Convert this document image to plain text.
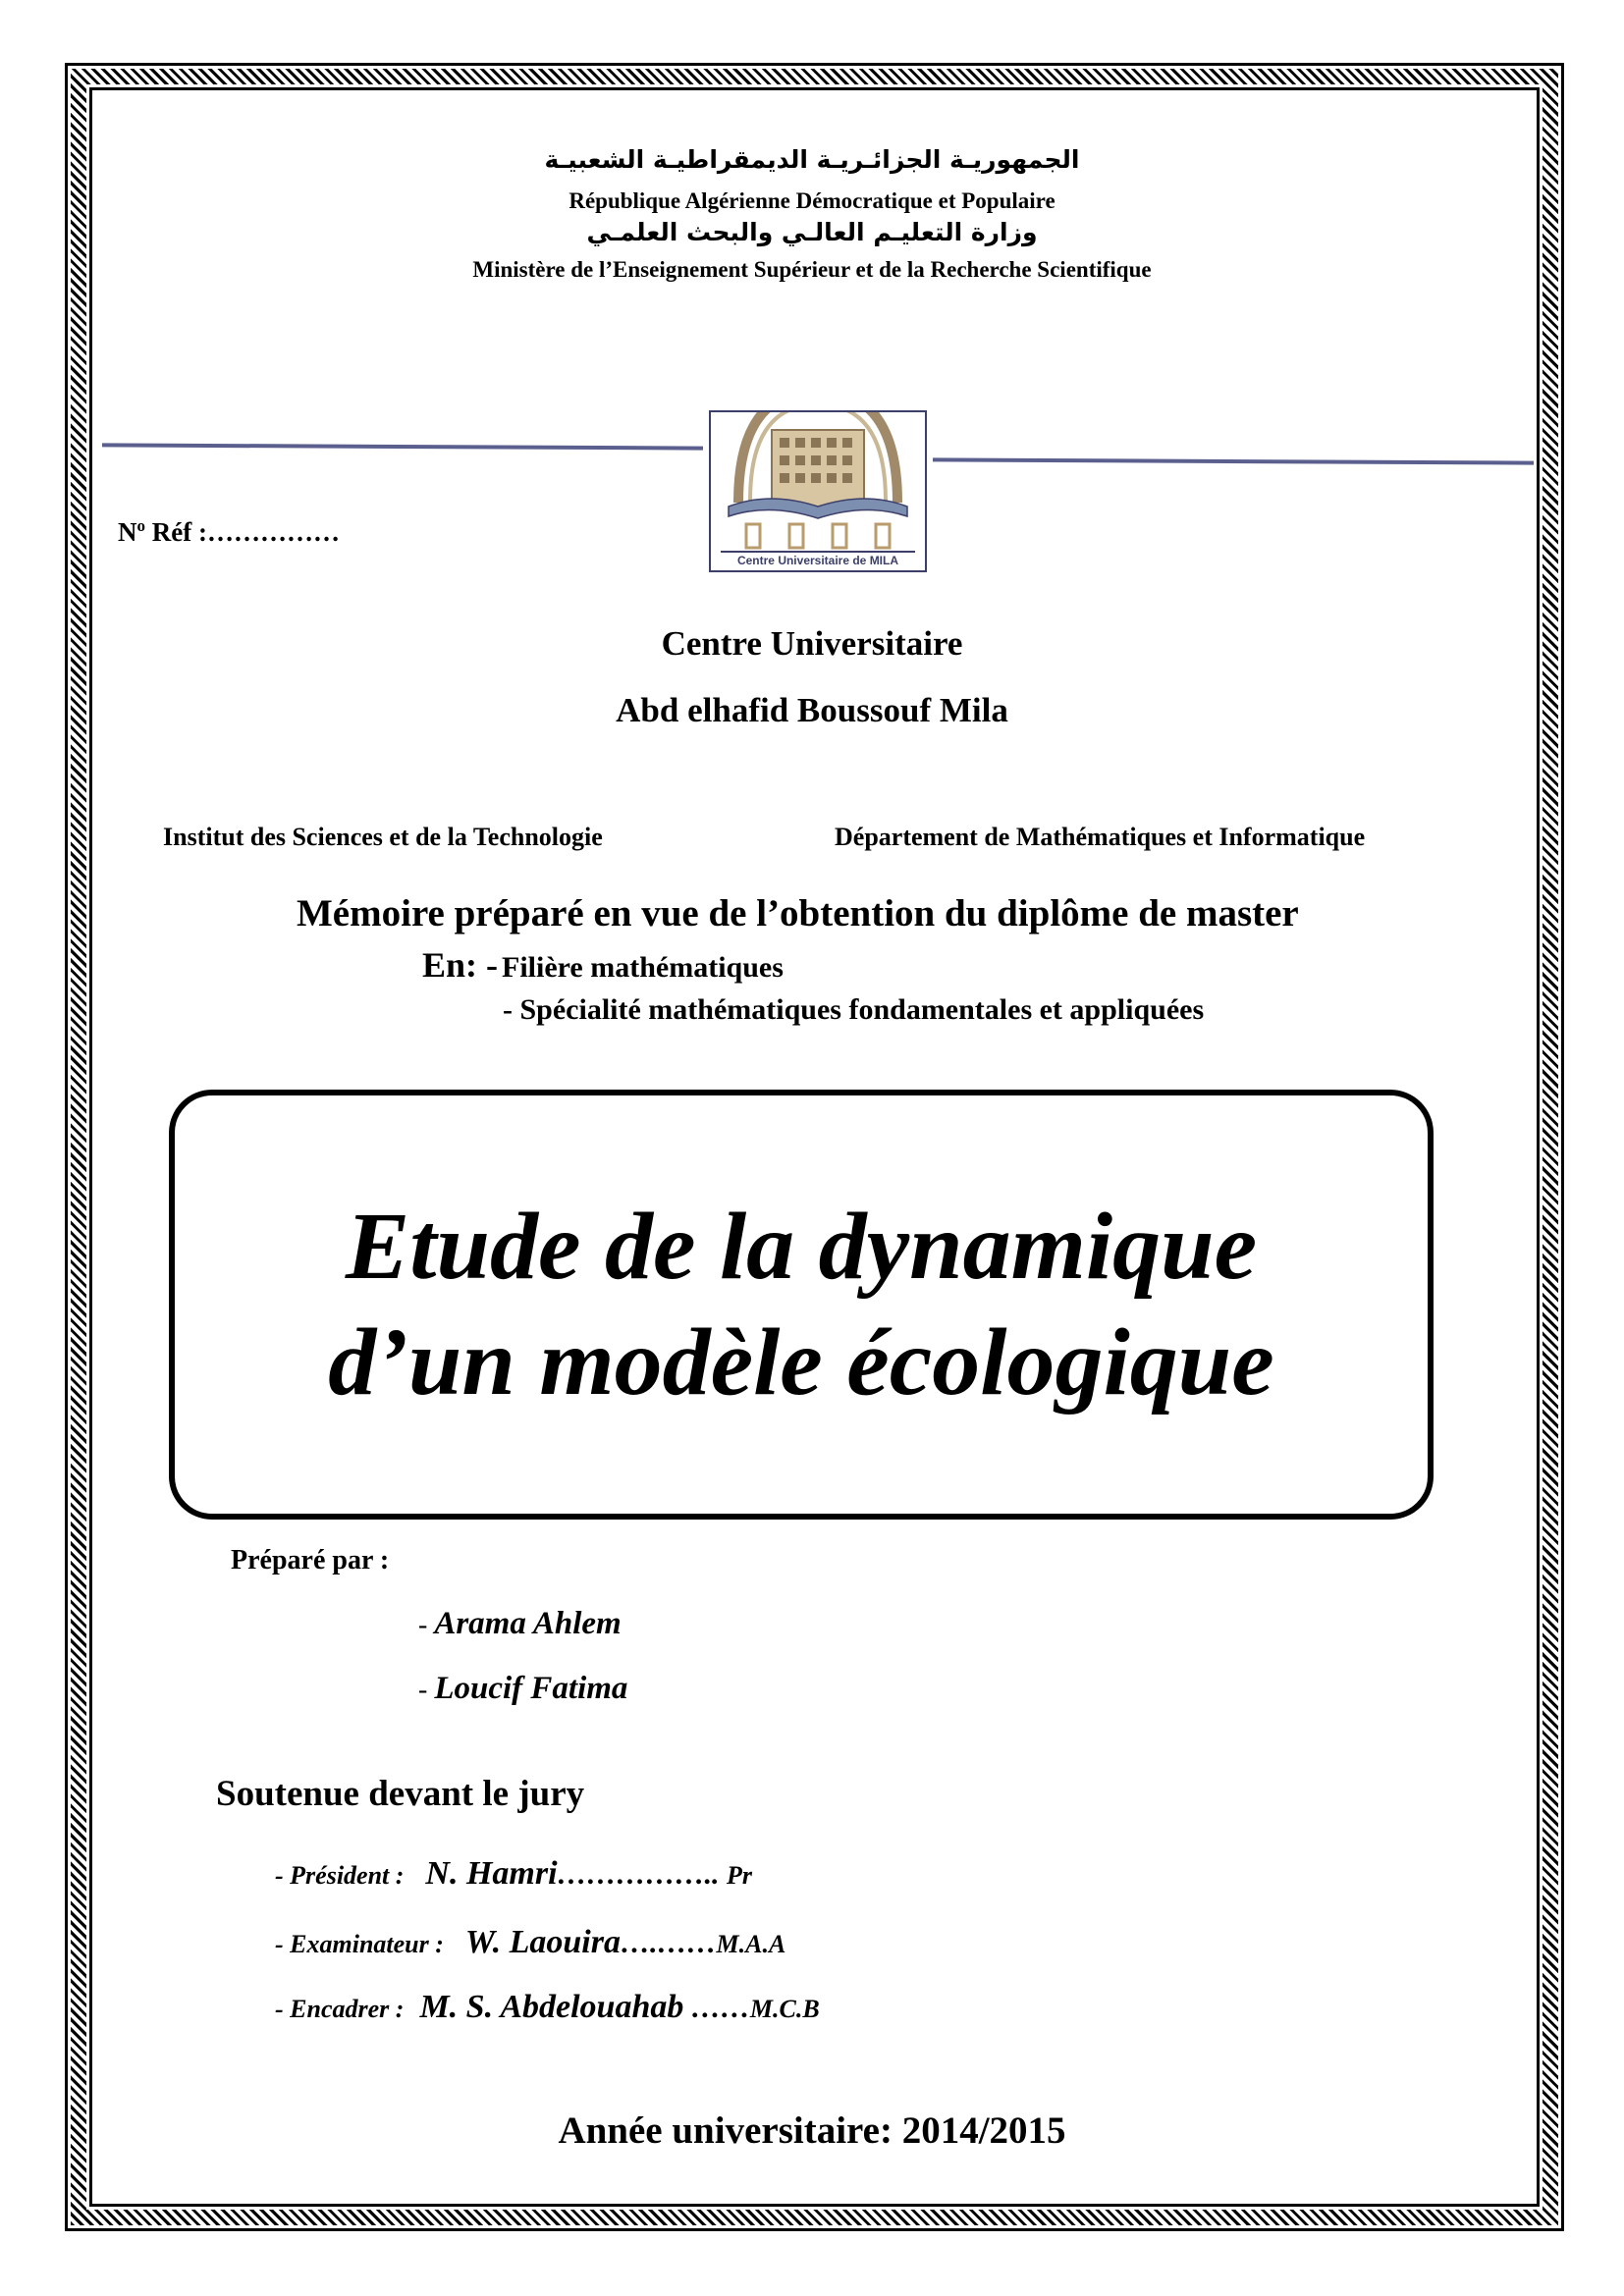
الجمهوريـة الجزائـريـة الديمقراطيـة الشعبيـة
République Algérienne Démocratique et Populaire
وزارة التعليـم العالـي والبحث العلمـي
Ministère de l’Enseignement Supérieur et de la Recherche Scientifique
Centre Universitaire de MILA
$N^o$ Réf :……………
Centre Universitaire
Abd elhafid Boussouf Mila
Institut des Sciences et de la Technologie	Département de Mathématiques et Informatique
Mémoire préparé en vue de l’obtention du diplôme de master
En: - Filière mathématiques
- Spécialité mathématiques fondamentales et appliquées
Etude de la dynamique
d’un modèle écologique
Préparé par :
- Arama Ahlem
- Loucif Fatima
Soutenue devant le jury
- Président : N. Hamri…………….. Pr
- Examinateur : W. Laouira….……M.A.A
- Encadrer : M. S. Abdelouahab ……M.C.B
Année universitaire: 2014/2015
